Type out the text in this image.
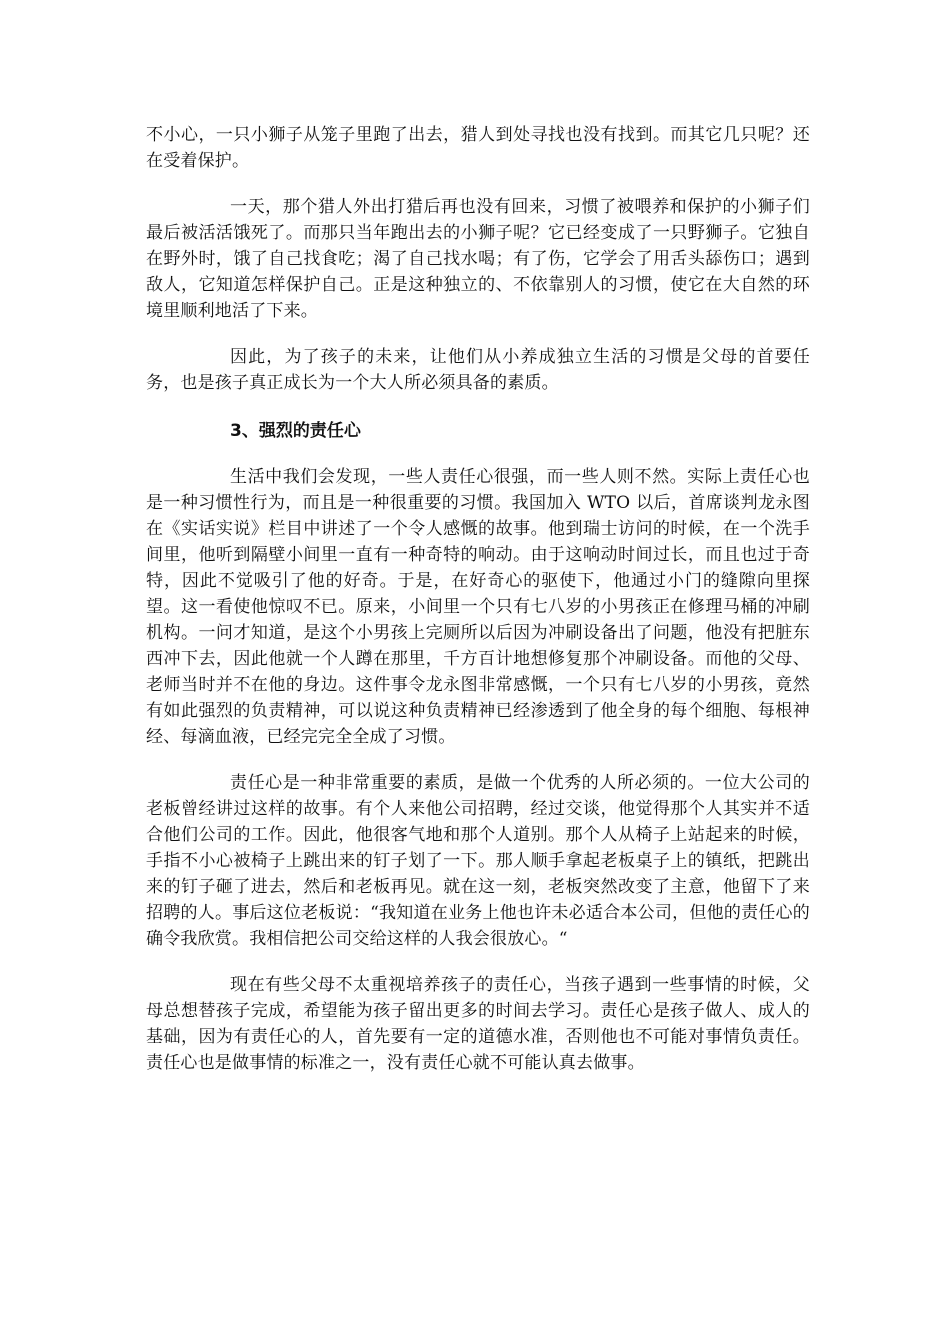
不小心，一只小狮子从笼子里跑了出去，猎人到处寻找也没有找到。而其它几只呢？还在受着保护。

一天，那个猎人外出打猎后再也没有回来，习惯了被喂养和保护的小狮子们最后被活活饿死了。而那只当年跑出去的小狮子呢？它已经变成了一只野狮子。它独自在野外时，饿了自己找食吃；渴了自己找水喝；有了伤，它学会了用舌头舔伤口；遇到敌人，它知道怎样保护自己。正是这种独立的、不依靠别人的习惯，使它在大自然的环境里顺利地活了下来。

因此，为了孩子的未来，让他们从小养成独立生活的习惯是父母的首要任务，也是孩子真正成长为一个大人所必须具备的素质。

3、强烈的责任心

生活中我们会发现，一些人责任心很强，而一些人则不然。实际上责任心也是一种习惯性行为，而且是一种很重要的习惯。我国加入 WTO 以后，首席谈判龙永图在《实话实说》栏目中讲述了一个令人感慨的故事。他到瑞士访问的时候，在一个洗手间里，他听到隔壁小间里一直有一种奇特的响动。由于这响动时间过长，而且也过于奇特，因此不觉吸引了他的好奇。于是，在好奇心的驱使下，他通过小门的缝隙向里探望。这一看使他惊叹不已。原来，小间里一个只有七八岁的小男孩正在修理马桶的冲刷机构。一问才知道，是这个小男孩上完厕所以后因为冲刷设备出了问题，他没有把脏东西冲下去，因此他就一个人蹲在那里，千方百计地想修复那个冲刷设备。而他的父母、老师当时并不在他的身边。这件事令龙永图非常感慨，一个只有七八岁的小男孩，竟然有如此强烈的负责精神，可以说这种负责精神已经渗透到了他全身的每个细胞、每根神经、每滴血液，已经完完全全成了习惯。

责任心是一种非常重要的素质，是做一个优秀的人所必须的。一位大公司的老板曾经讲过这样的故事。有个人来他公司招聘，经过交谈，他觉得那个人其实并不适合他们公司的工作。因此，他很客气地和那个人道别。那个人从椅子上站起来的时候，手指不小心被椅子上跳出来的钉子划了一下。那人顺手拿起老板桌子上的镇纸，把跳出来的钉子砸了进去，然后和老板再见。就在这一刻，老板突然改变了主意，他留下了来招聘的人。事后这位老板说：“我知道在业务上他也许未必适合本公司，但他的责任心的确令我欣赏。我相信把公司交给这样的人我会很放心。“

现在有些父母不太重视培养孩子的责任心，当孩子遇到一些事情的时候，父母总想替孩子完成，希望能为孩子留出更多的时间去学习。责任心是孩子做人、成人的基础，因为有责任心的人，首先要有一定的道德水准，否则他也不可能对事情负责任。责任心也是做事情的标准之一，没有责任心就不可能认真去做事。
